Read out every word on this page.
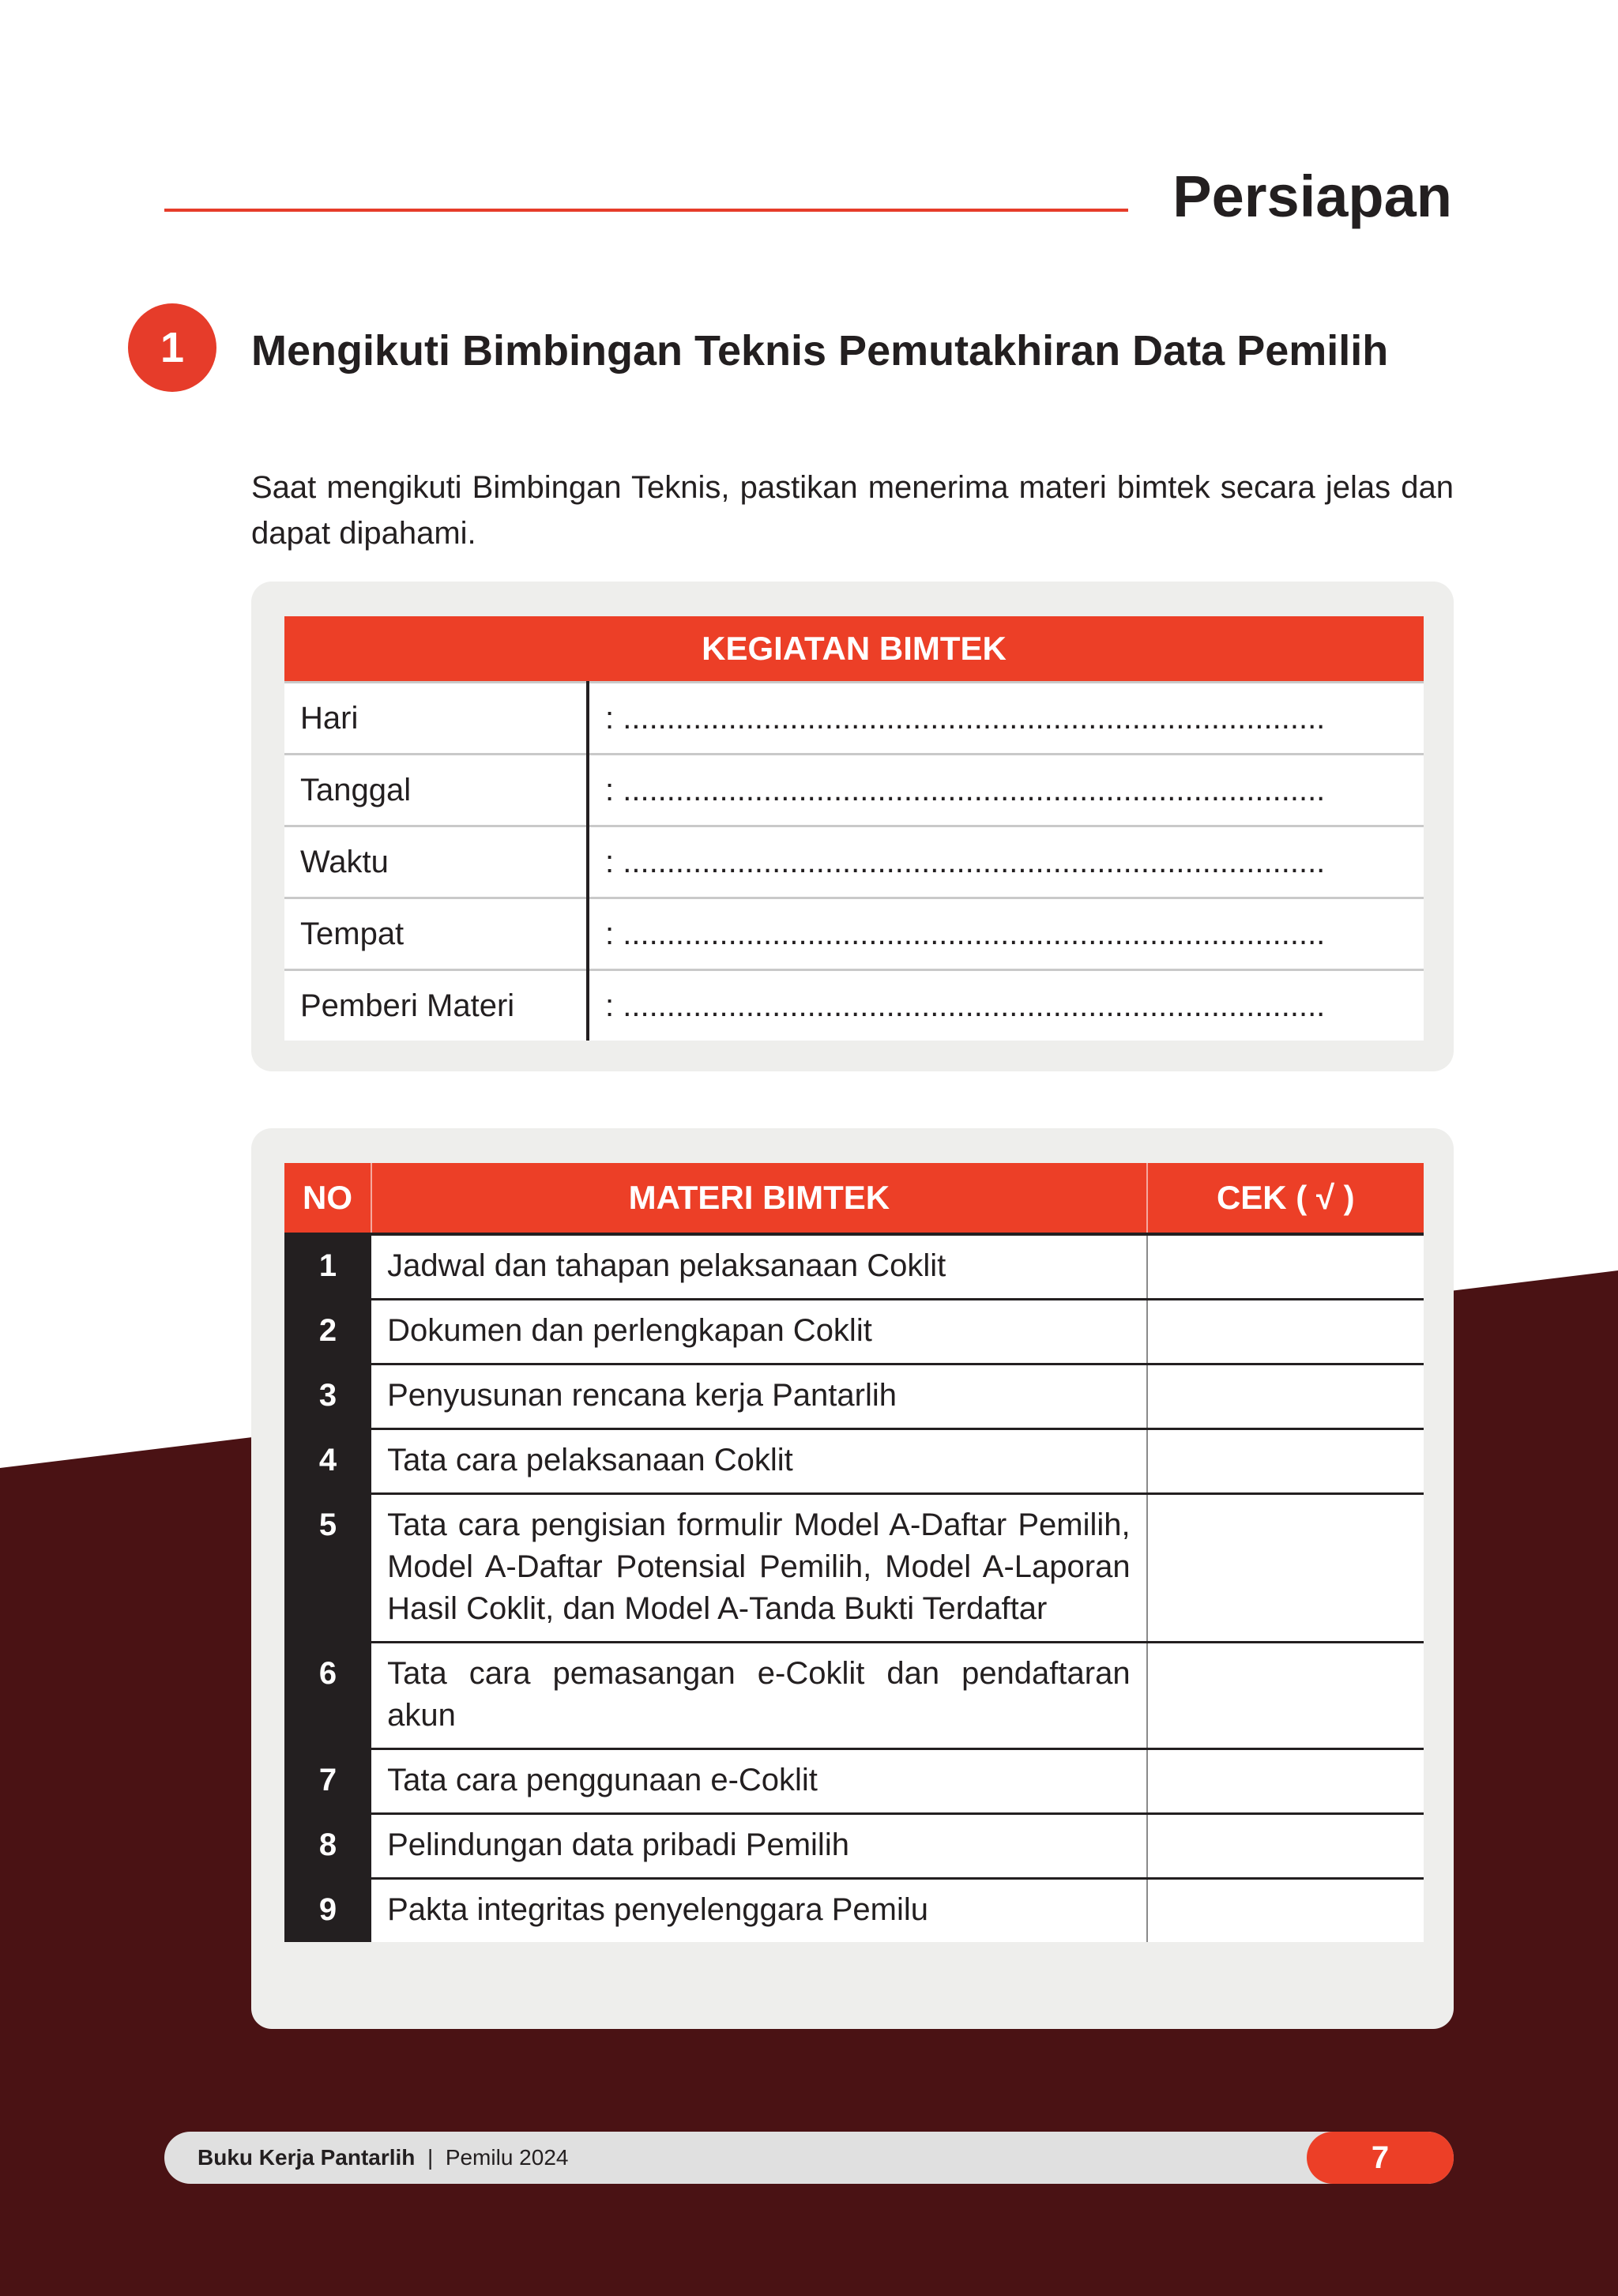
Persiapan
1	Mengikuti Bimbingan Teknis Pemutakhiran Data Pemilih
Saat mengikuti Bimbingan Teknis, pastikan menerima materi bimtek secara jelas dan dapat dipahami.
KEGIATAN BIMTEK	
Hari	: ................................................................................
Tanggal	: ................................................................................
Waktu	: ................................................................................
Tempat	: ................................................................................
Pemberi Materi	: ................................................................................
NO	MATERI BIMTEK	CEK ( √ )
1	Jadwal dan tahapan pelaksanaan Coklit	
2	Dokumen dan perlengkapan Coklit	
3	Penyusunan rencana kerja Pantarlih	
4	Tata cara pelaksanaan Coklit	
5	Tata cara pengisian formulir Model A-Daftar Pemilih, Model A-Daftar Potensial Pemilih, Model A-Laporan Hasil Coklit, dan Model A-Tanda Bukti Terdaftar	
6	Tata cara pemasangan e-Coklit dan pendaftaran akun	
7	Tata cara penggunaan e-Coklit	
8	Pelindungan data pribadi Pemilih	
9	Pakta integritas penyelenggara Pemilu	
Buku Kerja Pantarlih | Pemilu 2024	7
